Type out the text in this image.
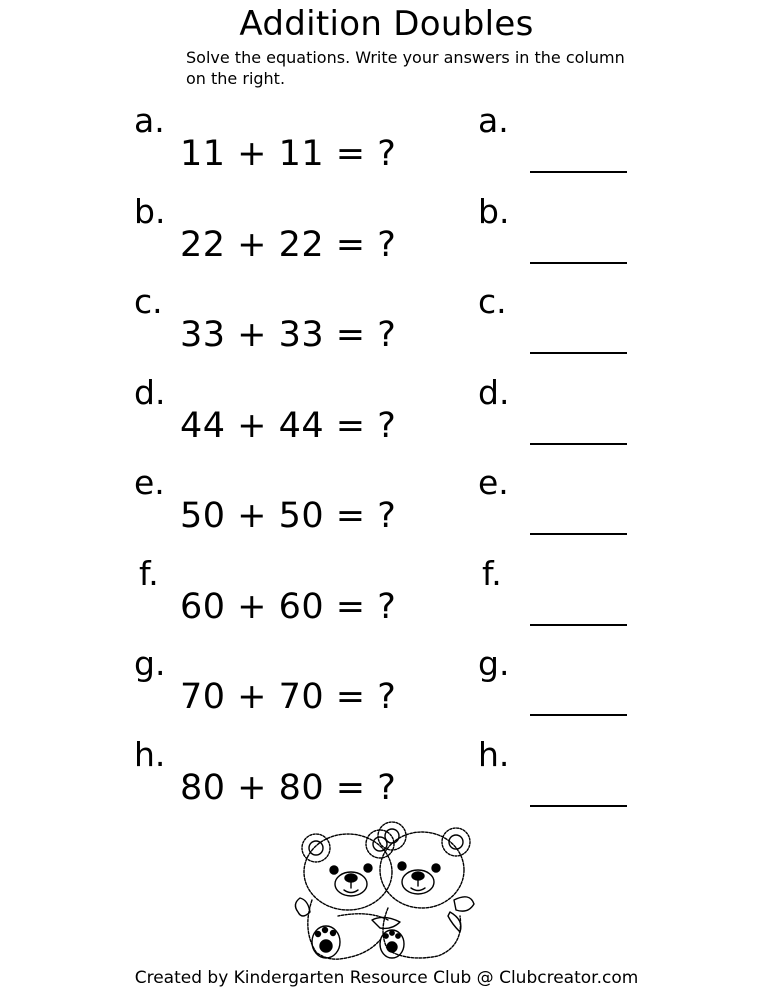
Addition Doubles
Solve the equations. Write your answers in the column on the right.
a.
11 + 11 = ?
a.
b.
22 + 22 = ?
b.
c.
33 + 33 = ?
c.
d.
44 + 44 = ?
d.
e.
50 + 50 = ?
e.
f.
60 + 60 = ?
f.
g.
70 + 70 = ?
g.
h.
80 + 80 = ?
h.
Created by Kindergarten Resource Club @ Clubcreator.com
